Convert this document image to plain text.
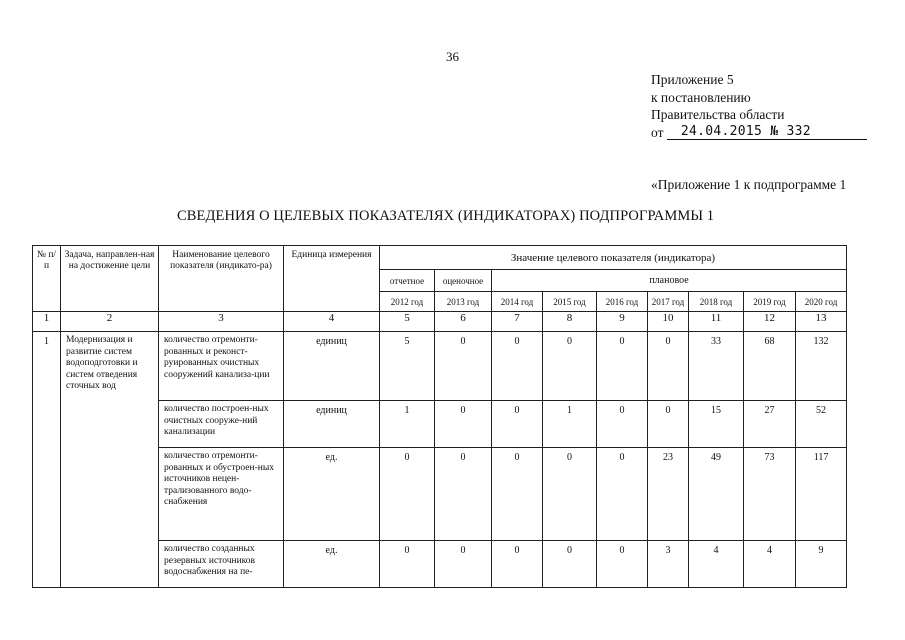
36
Приложение 5
к постановлению
Правительства области
от 24.04.2015 № 332
«Приложение 1 к подпрограмме 1
СВЕДЕНИЯ О ЦЕЛЕВЫХ ПОКАЗАТЕЛЯХ (ИНДИКАТОРАХ) ПОДПРОГРАММЫ 1
№ п/п	Задача, направлен-ная на достижение цели	Наименование целевого показателя (индикато-ра)	Единица измерения	Значение целевого показателя (индикатора)								
				отчетное	оценочное	плановое						
				2012 год	2013 год	2014 год	2015 год	2016 год	2017 год	2018 год	2019 год	2020 год
1	2	3	4	5	6	7	8	9	10	11	12	13
1	Модернизация и развитие систем водоподготовки и систем отведения сточных вод	количество отремонти-рованных и реконст-руированных очистных сооружений канализа-ции	единиц	5	0	0	0	0	0	33	68	132
		количество построен-ных очистных сооруже-ний канализации	единиц	1	0	0	1	0	0	15	27	52
		количество отремонти-рованных и обустроен-ных источников нецен-трализованного водо-снабжения	ед.	0	0	0	0	0	23	49	73	117
		количество созданных резервных источников водоснабжения на пе-	ед.	0	0	0	0	0	3	4	4	9
